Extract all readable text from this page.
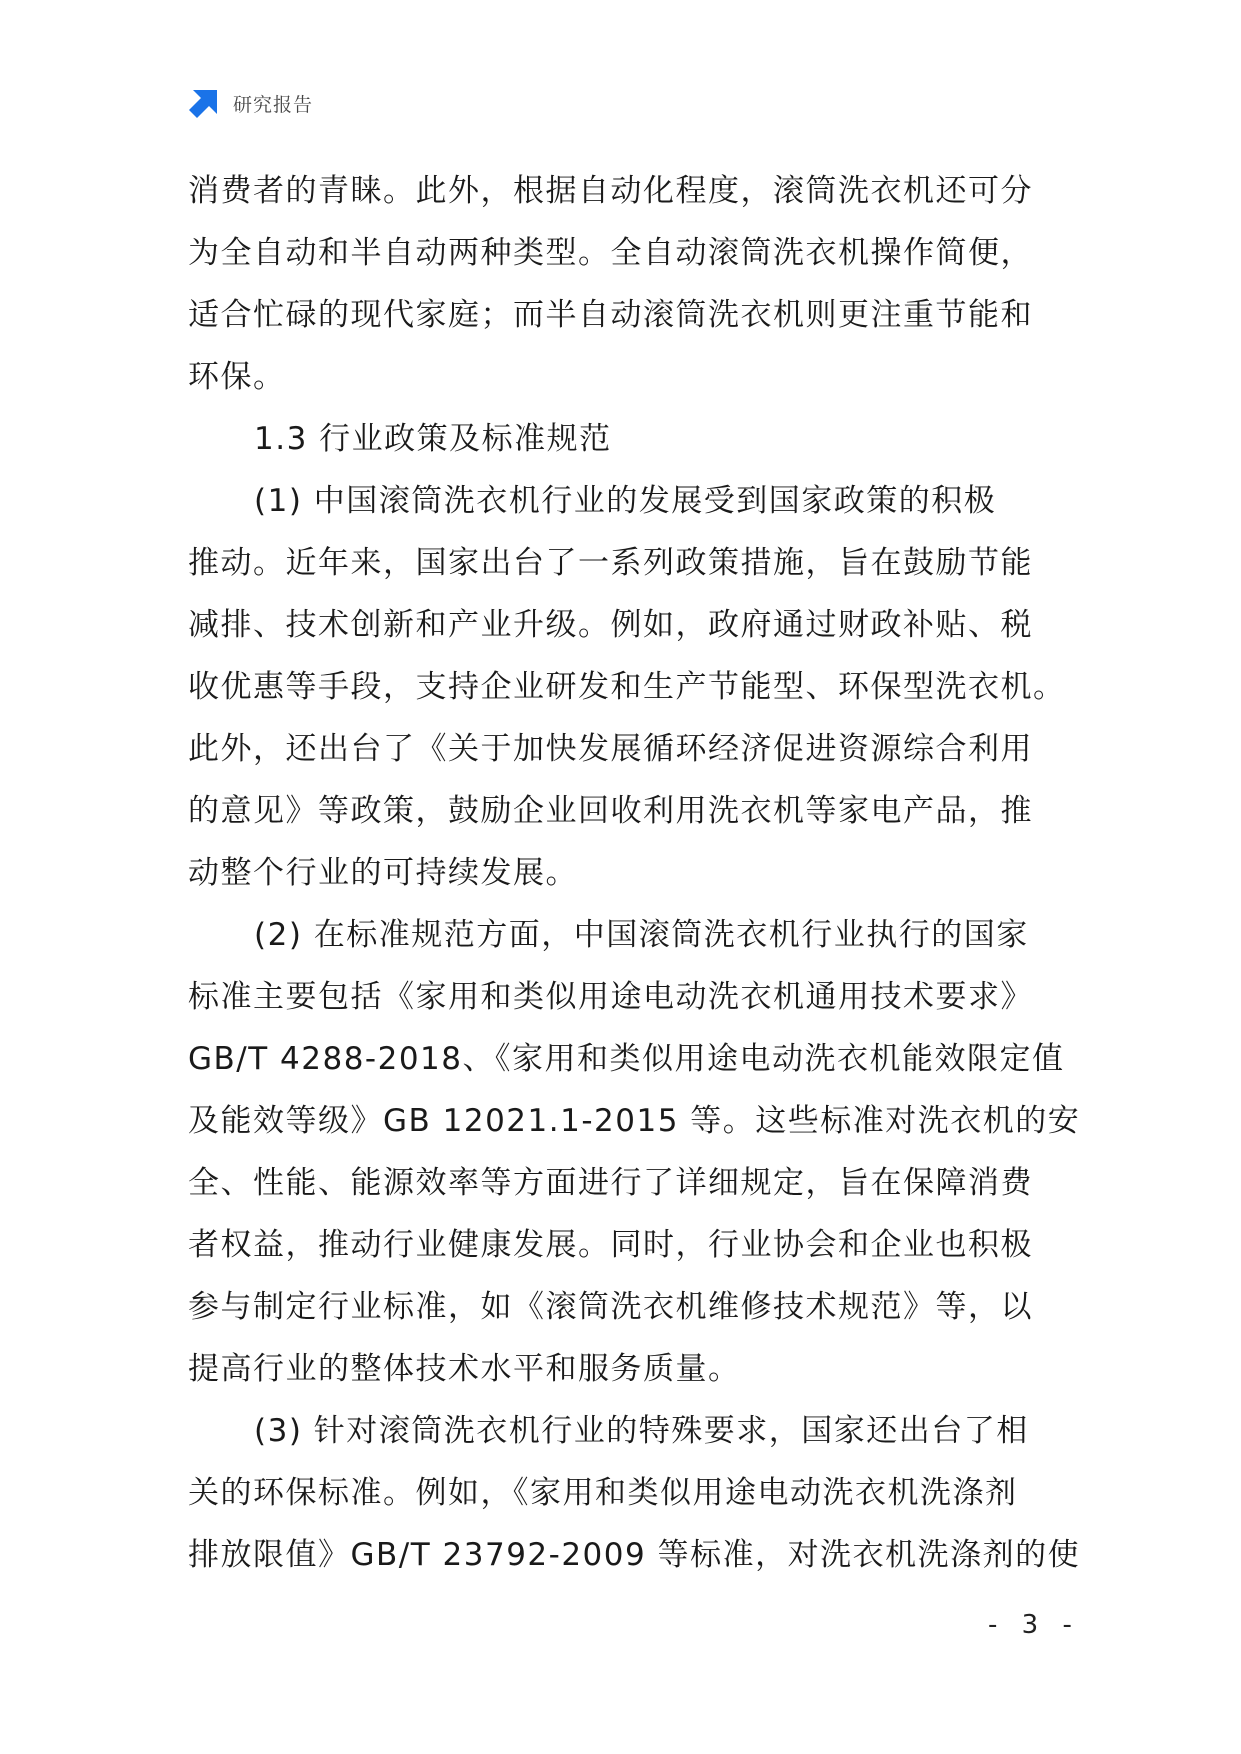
研究报告
消费者的青睐。此外，根据自动化程度，滚筒洗衣机还可分
为全自动和半自动两种类型。全自动滚筒洗衣机操作简便，
适合忙碌的现代家庭；而半自动滚筒洗衣机则更注重节能和
环保。
1.3 行业政策及标准规范
(1) 中国滚筒洗衣机行业的发展受到国家政策的积极
推动。近年来，国家出台了一系列政策措施，旨在鼓励节能
减排、技术创新和产业升级。例如，政府通过财政补贴、税
收优惠等手段，支持企业研发和生产节能型、环保型洗衣机。
此外，还出台了《关于加快发展循环经济促进资源综合利用
的意见》等政策，鼓励企业回收利用洗衣机等家电产品，推
动整个行业的可持续发展。
(2) 在标准规范方面，中国滚筒洗衣机行业执行的国家
标准主要包括《家用和类似用途电动洗衣机通用技术要求》
GB/T 4288-2018、《家用和类似用途电动洗衣机能效限定值
及能效等级》GB 12021.1-2015 等。这些标准对洗衣机的安
全、性能、能源效率等方面进行了详细规定，旨在保障消费
者权益，推动行业健康发展。同时，行业协会和企业也积极
参与制定行业标准，如《滚筒洗衣机维修技术规范》等，以
提高行业的整体技术水平和服务质量。
(3) 针对滚筒洗衣机行业的特殊要求，国家还出台了相
关的环保标准。例如，《家用和类似用途电动洗衣机洗涤剂
排放限值》GB/T 23792-2009 等标准，对洗衣机洗涤剂的使
- 3 -
